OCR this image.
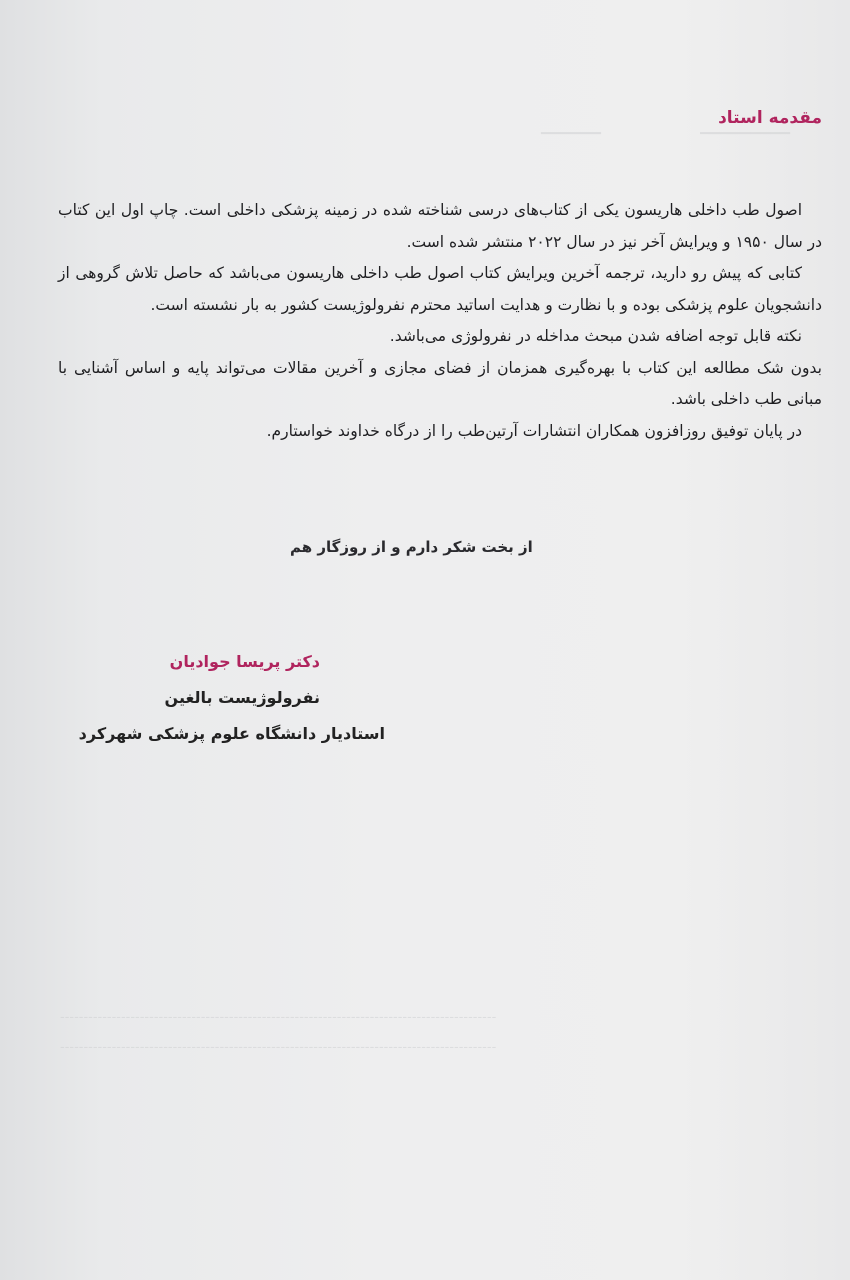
▁▁▁▁▁▁▁▁▁                        ▁▁▁▁▁▁
‐‐‐‐‐‐‐‐‐‐‐‐‐‐‐‐‐‐‐‐‐‐‐‐‐‐‐‐‐‐‐‐‐‐‐‐‐‐‐‐‐‐‐‐‐‐‐‐‐‐‐‐‐‐‐‐‐‐‐‐‐‐‐‐‐‐‐‐‐‐‐‐‐‐‐‐‐‐‐‐‐‐‐‐‐‐‐‐‐‐‐‐‐
‐‐‐‐‐‐‐‐‐‐‐‐‐‐‐‐‐‐‐‐‐‐‐‐‐‐‐‐‐‐‐‐‐‐‐‐‐‐‐‐‐‐‐‐‐‐‐‐‐‐‐‐‐‐‐‐‐‐‐‐‐‐‐‐‐‐‐‐‐‐‐‐‐‐‐‐‐‐‐‐‐‐‐‐‐‐‐‐‐‐‐‐‐
مقدمه استاد

اصول طب داخلی هاریسون یکی از کتاب‌های درسی شناخته شده در زمینه پزشکی داخلی است. چاپ اول این کتاب در سال ۱۹۵۰ و ویرایش آخر نیز در سال ۲۰۲۲ منتشر شده است.

کتابی که پیش رو دارید، ترجمه آخرین ویرایش کتاب اصول طب داخلی هاریسون می‌باشد که حاصل تلاش گروهی از دانشجویان علوم پزشکی بوده و با نظارت و هدایت اساتید محترم نفرولوژیست کشور به بار نشسته است.

نکته قابل توجه اضافه شدن مبحث مداخله در نفرولوژی می‌باشد.

بدون شک مطالعه این کتاب با بهره‌گیری همزمان از فضای مجازی و آخرین مقالات می‌تواند پایه و اساس آشنایی با مبانی طب داخلی باشد.

در پایان توفیق روزافزون همکاران انتشارات آرتین‌طب را از درگاه خداوند خواستارم.

از بخت شکر دارم و از روزگار هم

دکتر پریسا جوادیان

نفرولوژیست بالغین

استادیار دانشگاه علوم پزشکی شهرکرد
